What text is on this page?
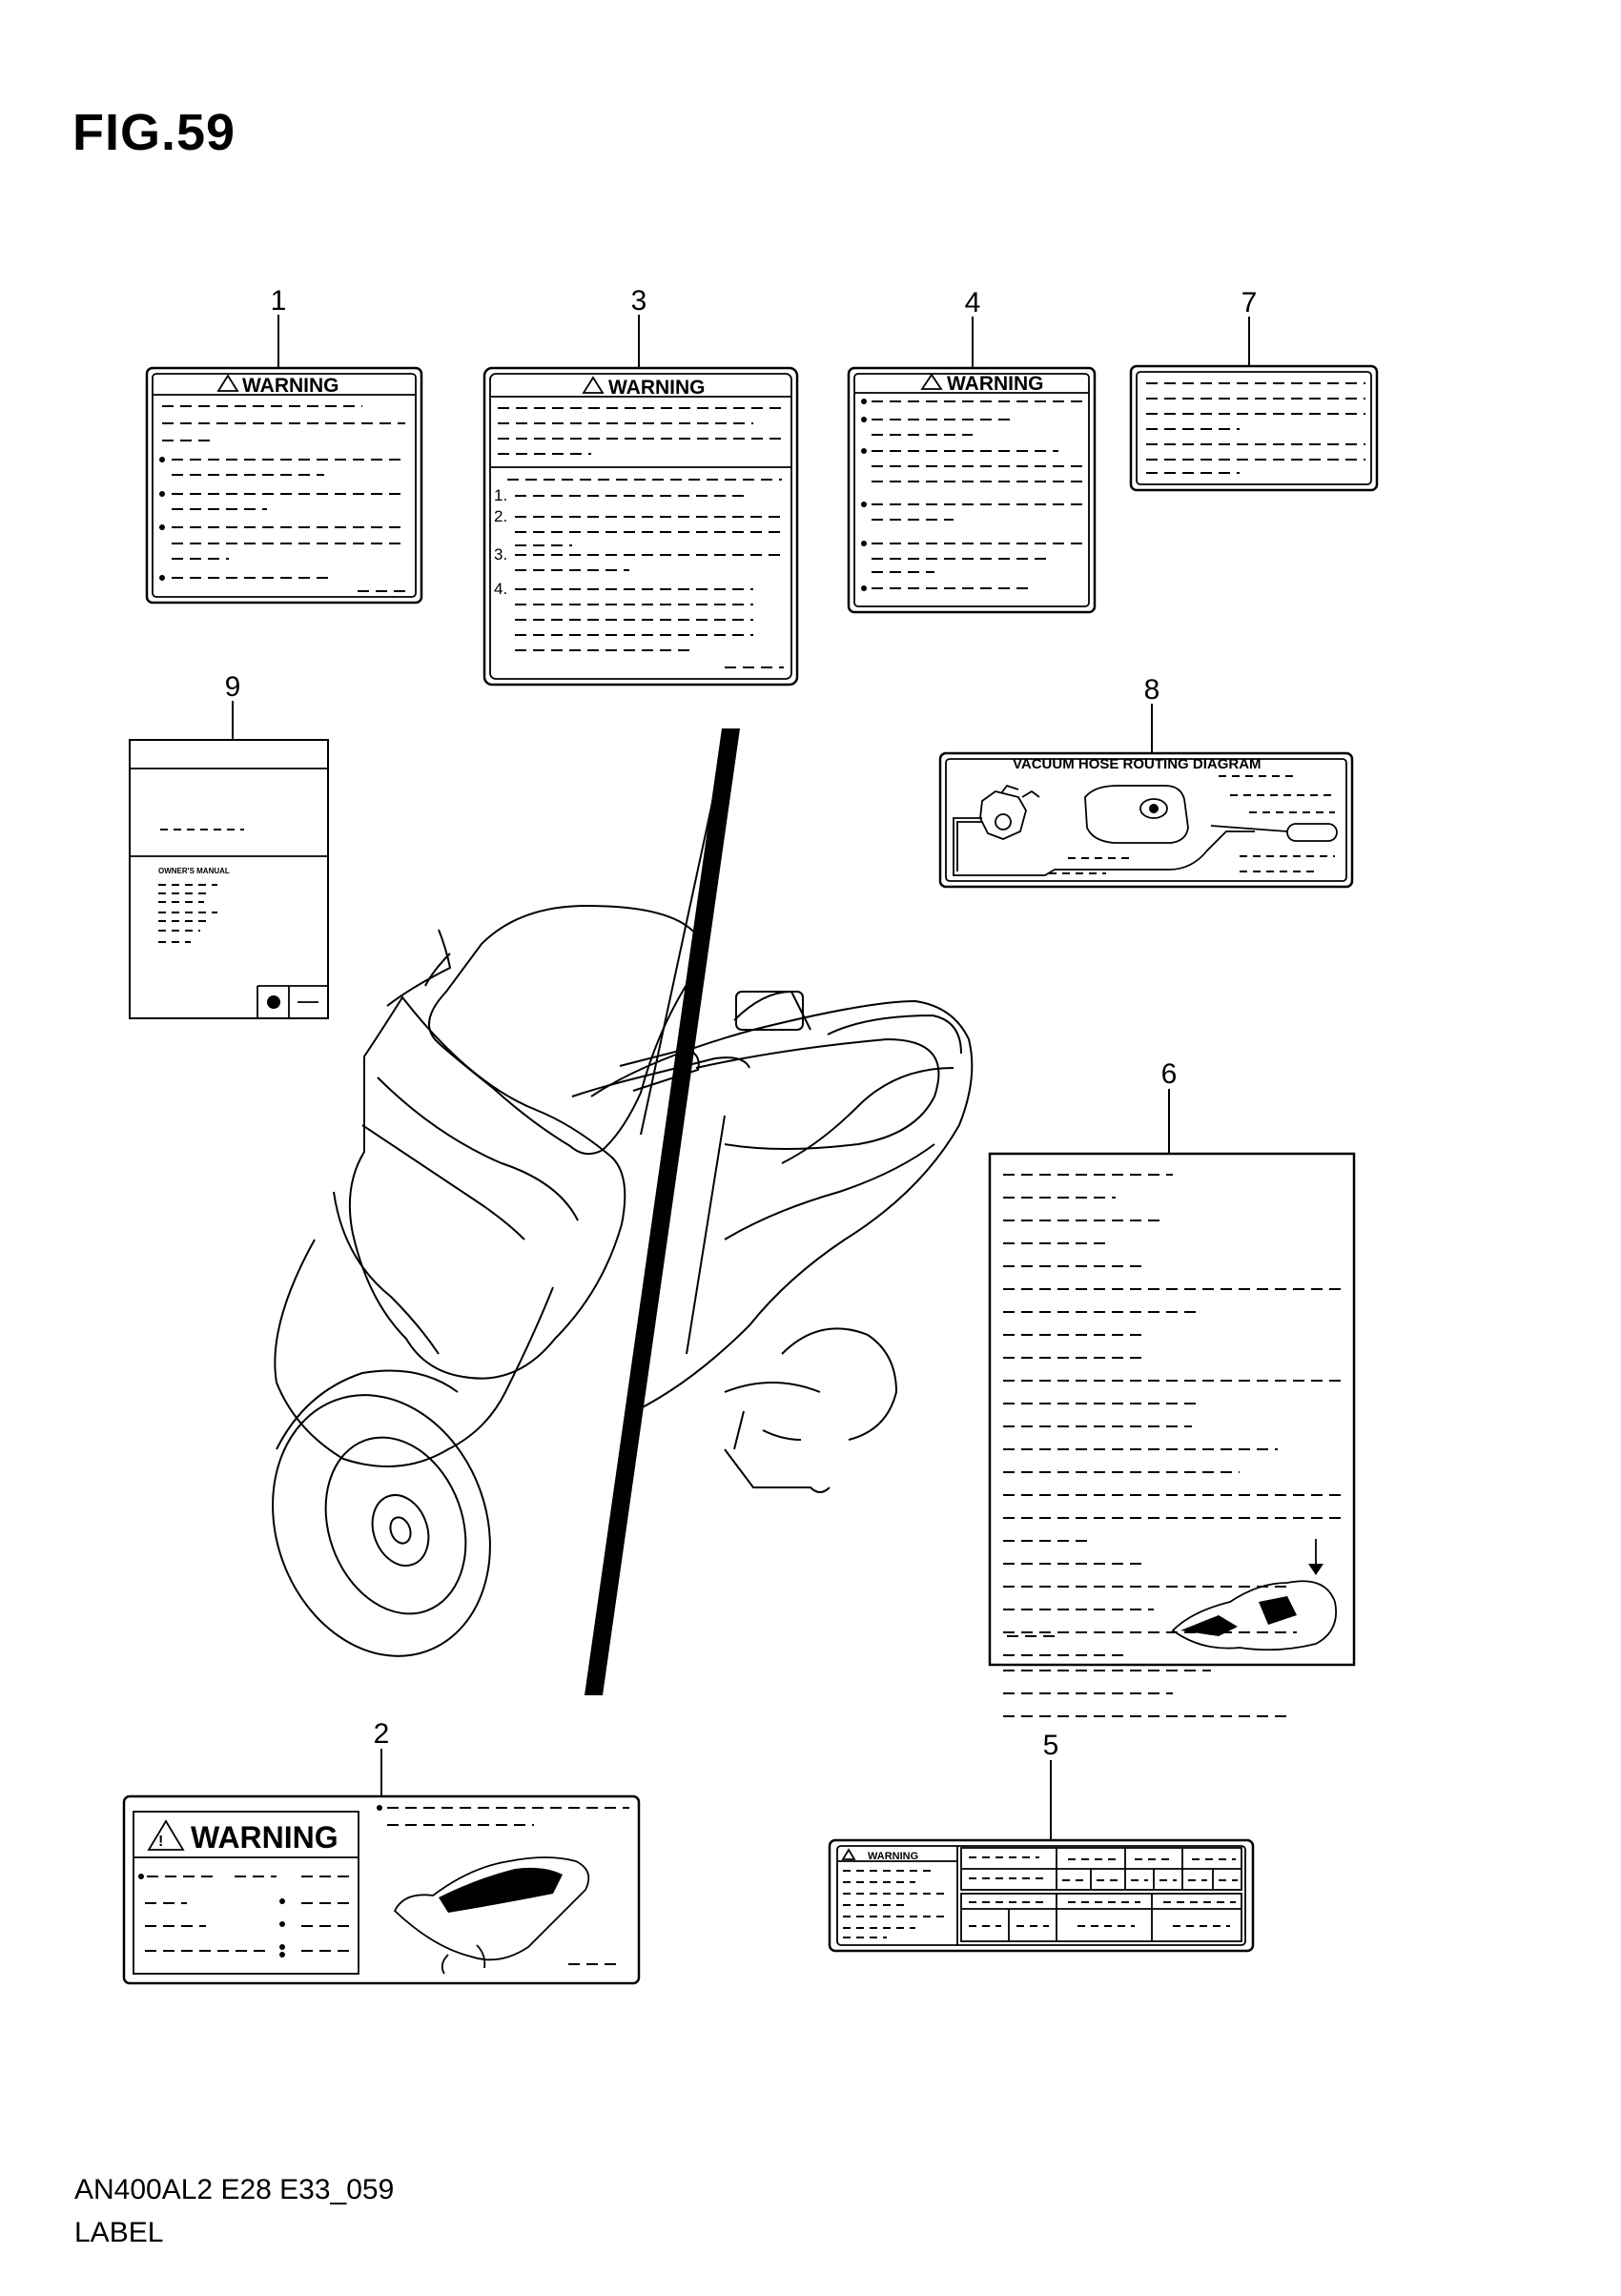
FIG.59
1
WARNING
3
WARNING
1.
2.
3.
4.
4
WARNING
7
9
OWNER'S MANUAL
8
VACUUM HOSE ROUTING DIAGRAM
6
2
! WARNING
5
WARNING
AN400AL2 E28 E33_059
LABEL
